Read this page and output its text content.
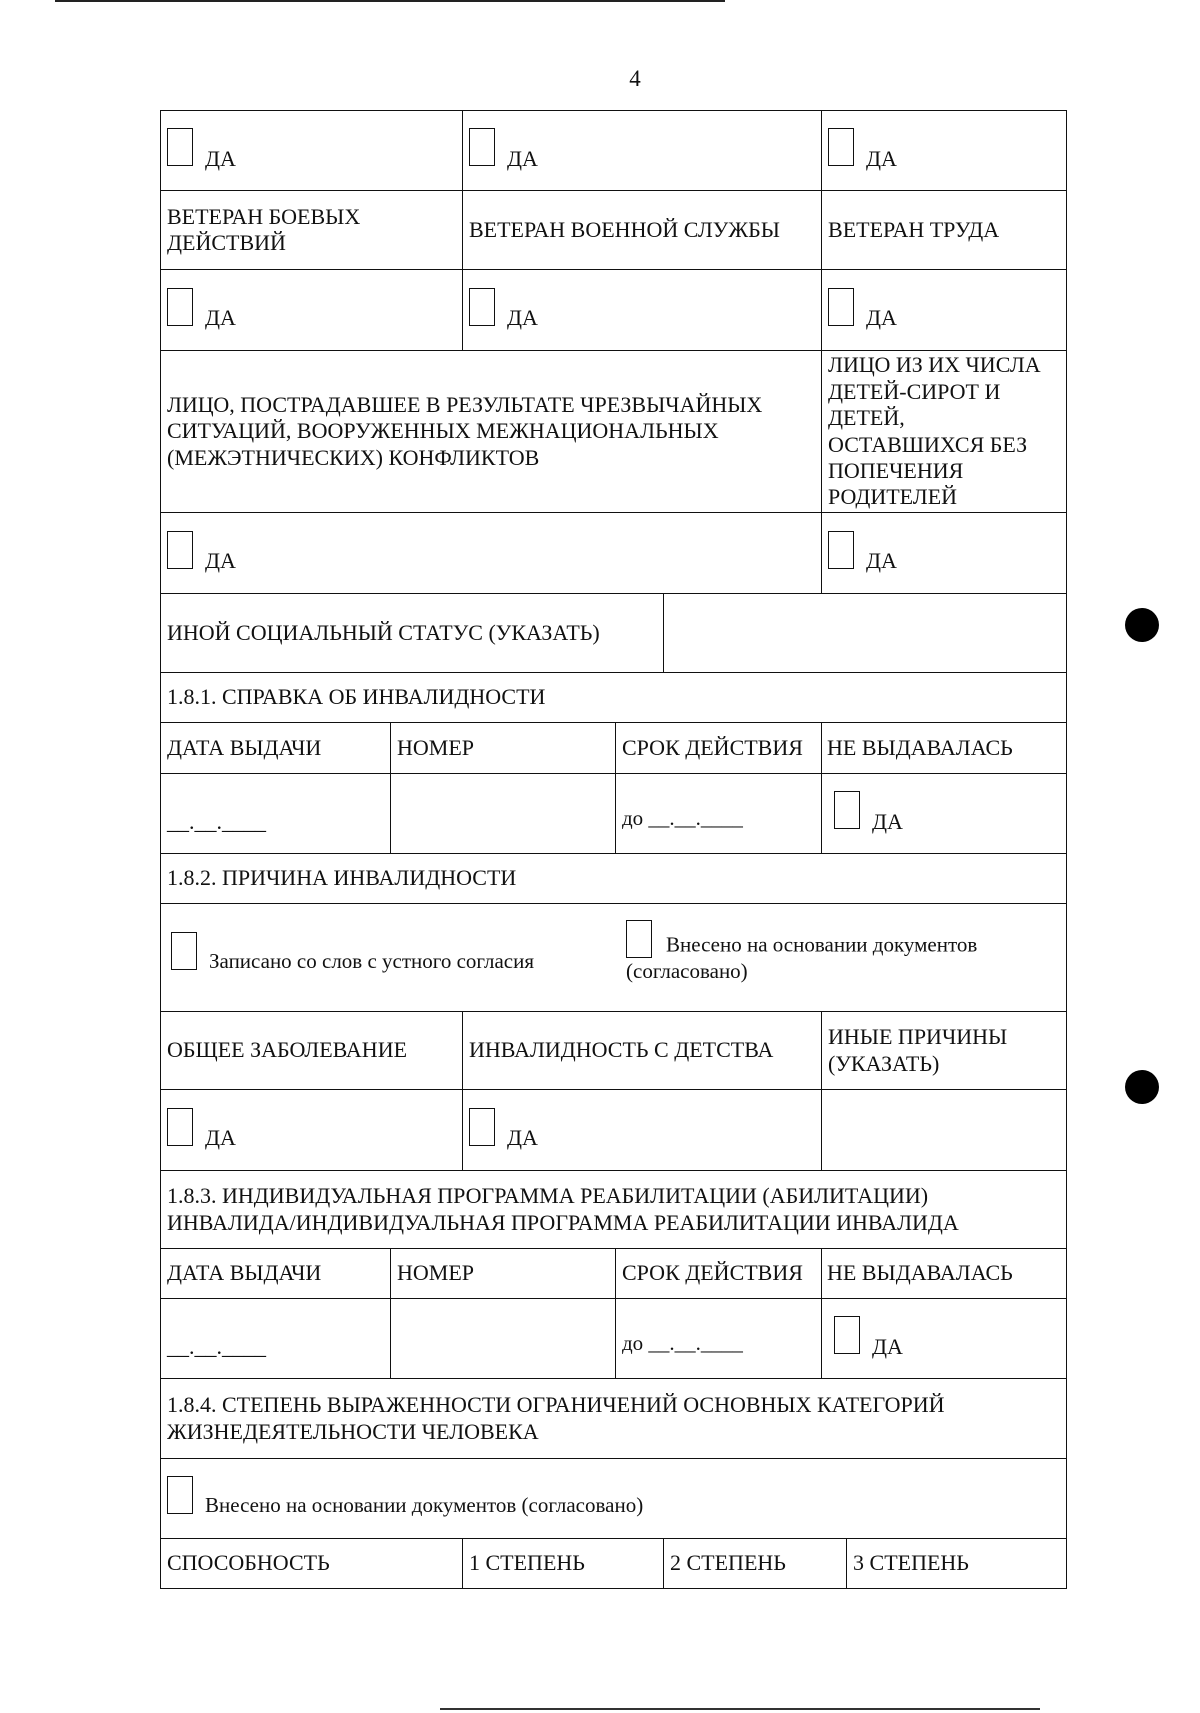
4
ДА		ДА			ДА	

ВЕТЕРАН БОЕВЫХ ДЕЙСТВИЙ		ВЕТЕРАН ВОЕННОЙ СЛУЖБЫ			ВЕТЕРАН ТРУДА	

ДА		ДА			ДА	

ЛИЦО, ПОСТРАДАВШЕЕ В РЕЗУЛЬТАТЕ ЧРЕЗВЫЧАЙНЫХ СИТУАЦИЙ, ВООРУЖЕННЫХ МЕЖНАЦИОНАЛЬНЫХ (МЕЖЭТНИЧЕСКИХ) КОНФЛИКТОВ					ЛИЦО ИЗ ИХ ЧИСЛА ДЕТЕЙ-СИРОТ И ДЕТЕЙ, ОСТАВШИХСЯ БЕЗ ПОПЕЧЕНИЯ РОДИТЕЛЕЙ	

ДА					ДА	

ИНОЙ СОЦИАЛЬНЫЙ СТАТУС (УКАЗАТЬ)						
1.8.1. СПРАВКА ОБ ИНВАЛИДНОСТИ						
ДАТА ВЫДАЧИ	НОМЕР		СРОК ДЕЙСТВИЯ		НЕ ВЫДАВАЛАСЬ	
__.__.____			до __.__.____		ДА	

1.8.2. ПРИЧИНА ИНВАЛИДНОСТИ						

Записано со слов с устного согласия
Внесено на основании документов (согласовано)						

ОБЩЕЕ ЗАБОЛЕВАНИЕ		ИНВАЛИДНОСТЬ С ДЕТСТВА			ИНЫЕ ПРИЧИНЫ (УКАЗАТЬ)	

ДА		ДА				

1.8.3. ИНДИВИДУАЛЬНАЯ ПРОГРАММА РЕАБИЛИТАЦИИ (АБИЛИТАЦИИ) ИНВАЛИДА/ИНДИВИДУАЛЬНАЯ ПРОГРАММА РЕАБИЛИТАЦИИ ИНВАЛИДА						
ДАТА ВЫДАЧИ	НОМЕР		СРОК ДЕЙСТВИЯ		НЕ ВЫДАВАЛАСЬ	
__.__.____			до __.__.____		ДА	

1.8.4. СТЕПЕНЬ ВЫРАЖЕННОСТИ ОГРАНИЧЕНИЙ ОСНОВНЫХ КАТЕГОРИЙ ЖИЗНЕДЕЯТЕЛЬНОСТИ ЧЕЛОВЕКА						

Внесено на основании документов (согласовано)						

СПОСОБНОСТЬ		1 СТЕПЕНЬ		2 СТЕПЕНЬ		3 СТЕПЕНЬ
